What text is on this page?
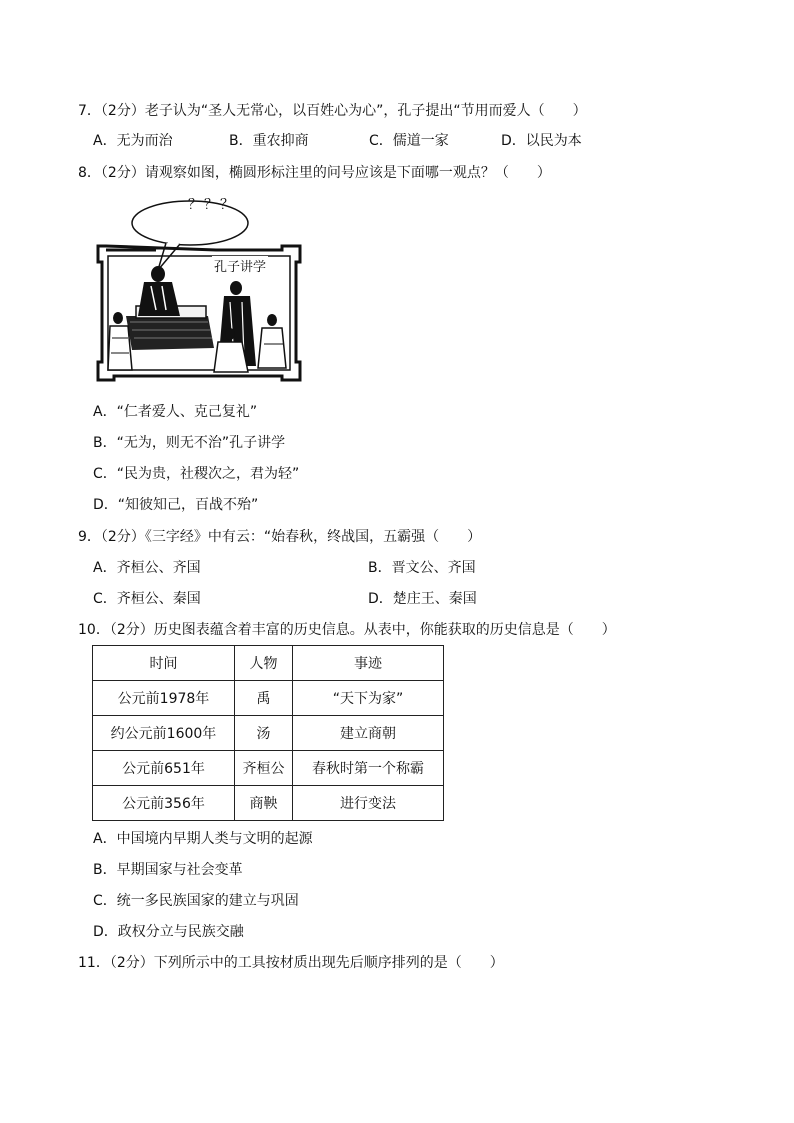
7．（2分）老子认为“圣人无常心，以百姓心为心”，孔子提出“节用而爱人（　　）
A．无为而治	B．重农抑商	C．儒道一家	D．以民为本
8．（2分）请观察如图，椭圆形标注里的问号应该是下面哪一观点？（　　）
？？？
孔子讲学
A．“仁者爱人、克己复礼”
B．“无为，则无不治”孔子讲学
C．“民为贵，社稷次之，君为轻”
D．“知彼知己，百战不殆”
9．（2分）《三字经》中有云：“始春秋，终战国，五霸强（　　）
A．齐桓公、齐国	B．晋文公、齐国
C．齐桓公、秦国	D．楚庄王、秦国
10．（2分）历史图表蕴含着丰富的历史信息。从表中，你能获取的历史信息是（　　）
时间	人物	事迹
公元前1978年	禹	“天下为家”
约公元前1600年	汤	建立商朝
公元前651年	齐桓公	春秋时第一个称霸
公元前356年	商鞅	进行变法
A．中国境内早期人类与文明的起源
B．早期国家与社会变革
C．统一多民族国家的建立与巩固
D．政权分立与民族交融
11．（2分）下列所示中的工具按材质出现先后顺序排列的是（　　）
